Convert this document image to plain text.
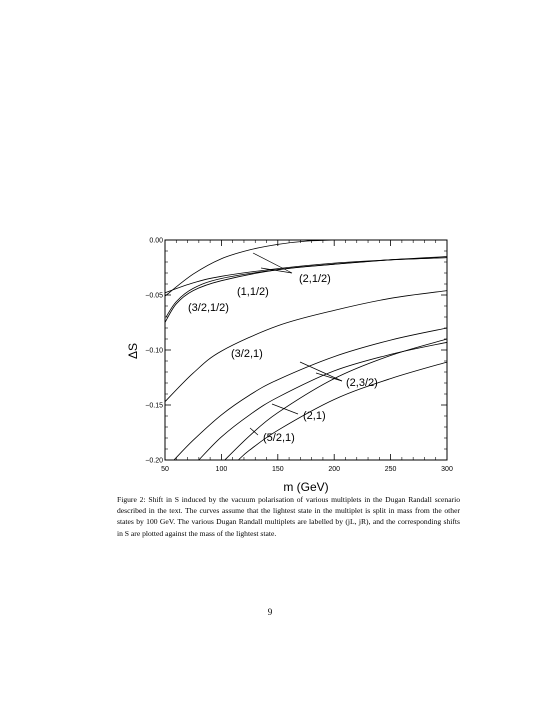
50	100	150	200	250	300
0.00
−0.05
−0.10
−0.15
−0.20
(2,1/2)
(1,1/2)
(3/2,1/2)
(3/2,1)
(2,3/2)
(2,1)
(5/2,1)
m (GeV)
ΔS

Figure 2: Shift in S induced by the vacuum polarisation of various multiplets in the Dugan Randall scenario described in the text. The curves assume that the lightest state in the multiplet is split in mass from the other states by 100 GeV. The various Dugan Randall multiplets are labelled by (jL, jR), and the corresponding shifts in S are plotted against the mass of the lightest state.

9
